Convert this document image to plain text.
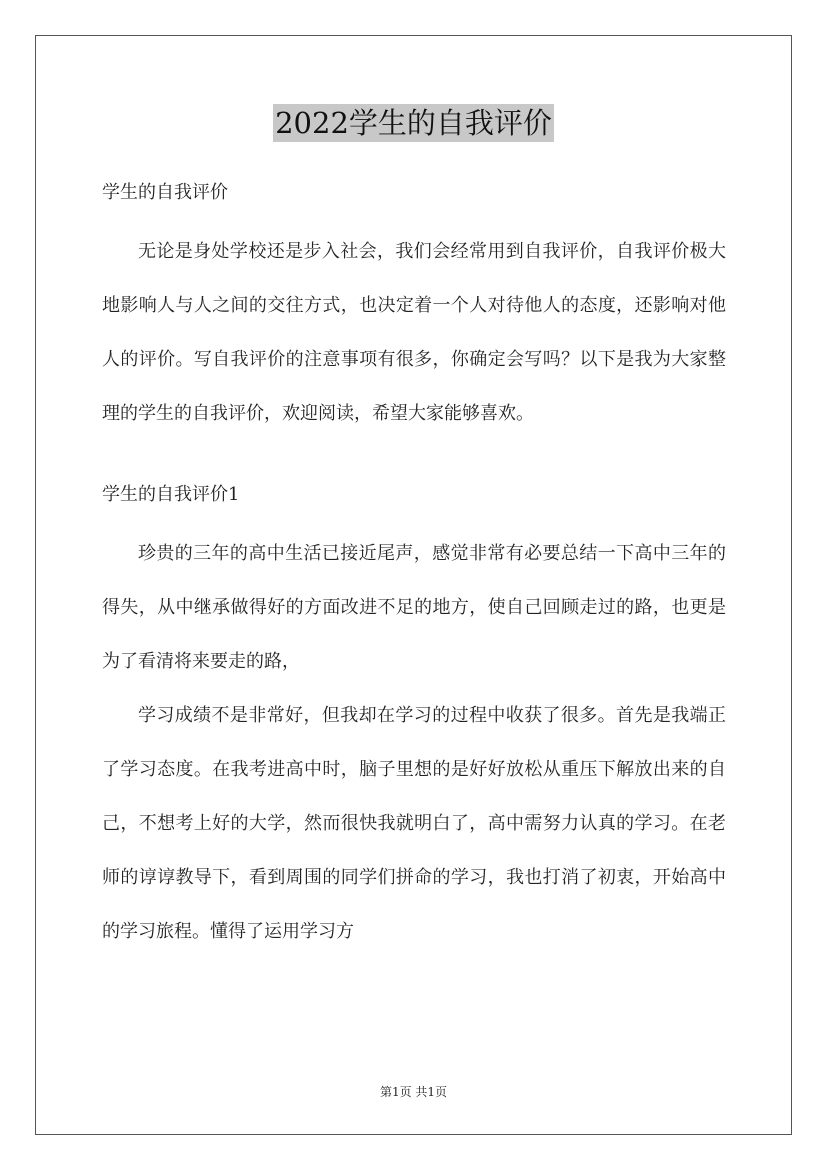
2022学生的自我评价

学生的自我评价

无论是身处学校还是步入社会，我们会经常用到自我评价，自我评价极大地影响人与人之间的交往方式，也决定着一个人对待他人的态度，还影响对他人的评价。写自我评价的注意事项有很多，你确定会写吗？以下是我为大家整理的学生的自我评价，欢迎阅读，希望大家能够喜欢。

学生的自我评价1

珍贵的三年的高中生活已接近尾声，感觉非常有必要总结一下高中三年的得失，从中继承做得好的方面改进不足的地方，使自己回顾走过的路，也更是为了看清将来要走的路，

学习成绩不是非常好，但我却在学习的过程中收获了很多。首先是我端正了学习态度。在我考进高中时，脑子里想的是好好放松从重压下解放出来的自己，不想考上好的大学，然而很快我就明白了，高中需努力认真的学习。在老师的谆谆教导下，看到周围的同学们拼命的学习，我也打消了初衷，开始高中的学习旅程。懂得了运用学习方

第1页 共1页
